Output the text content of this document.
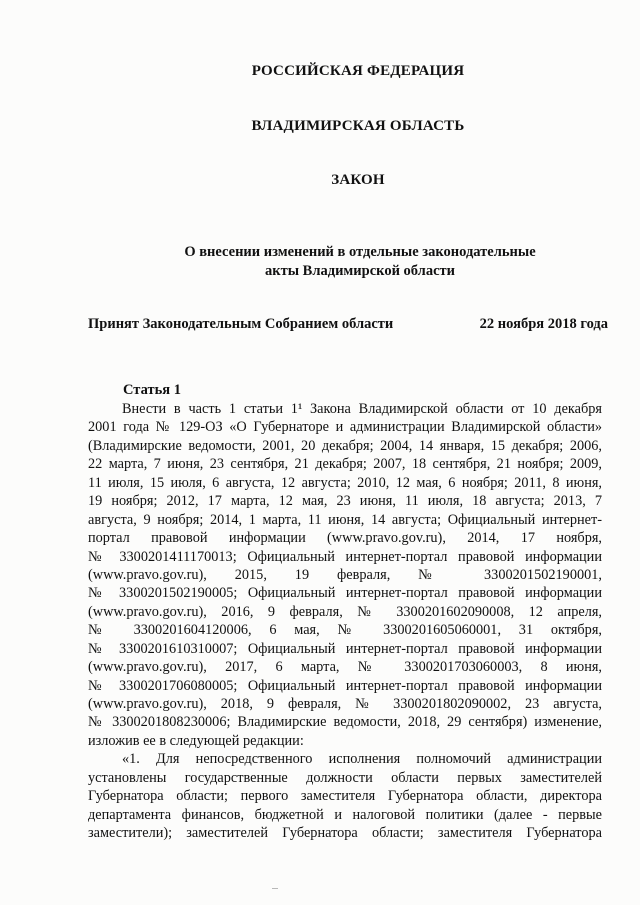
РОССИЙСКАЯ ФЕДЕРАЦИЯ
ВЛАДИМИРСКАЯ ОБЛАСТЬ
ЗАКОН
О внесении изменений в отдельные законодательные
акты Владимирской области
Принят Законодательным Собранием области	22 ноября 2018 года
Статья 1
Внести в часть 1 статьи 1¹ Закона Владимирской области от 10 декабря
2001 года № 129-ОЗ «О Губернаторе и администрации Владимирской области»
(Владимирские ведомости, 2001, 20 декабря; 2004, 14 января, 15 декабря; 2006,
22 марта, 7 июня, 23 сентября, 21 декабря; 2007, 18 сентября, 21 ноября; 2009,
11 июля, 15 июля, 6 августа, 12 августа; 2010, 12 мая, 6 ноября; 2011, 8 июня,
19 ноября; 2012, 17 марта, 12 мая, 23 июня, 11 июля, 18 августа; 2013, 7
августа, 9 ноября; 2014, 1 марта, 11 июня, 14 августа; Официальный интернет-
портал правовой информации (www.pravo.gov.ru), 2014, 17 ноября,
№ 3300201411170013; Официальный интернет-портал правовой информации
(www.pravo.gov.ru), 2015, 19 февраля, № 3300201502190001,
№ 3300201502190005; Официальный интернет-портал правовой информации
(www.pravo.gov.ru), 2016, 9 февраля, № 3300201602090008, 12 апреля,
№ 3300201604120006, 6 мая, № 3300201605060001, 31 октября,
№ 3300201610310007; Официальный интернет-портал правовой информации
(www.pravo.gov.ru), 2017, 6 марта, № 3300201703060003, 8 июня,
№ 3300201706080005; Официальный интернет-портал правовой информации
(www.pravo.gov.ru), 2018, 9 февраля, № 3300201802090002, 23 августа,
№ 3300201808230006; Владимирские ведомости, 2018, 29 сентября) изменение,
изложив ее в следующей редакции:
«1. Для непосредственного исполнения полномочий администрации
установлены государственные должности области первых заместителей
Губернатора области; первого заместителя Губернатора области, директора
департамента финансов, бюджетной и налоговой политики (далее - первые
заместители); заместителей Губернатора области; заместителя Губернатора
